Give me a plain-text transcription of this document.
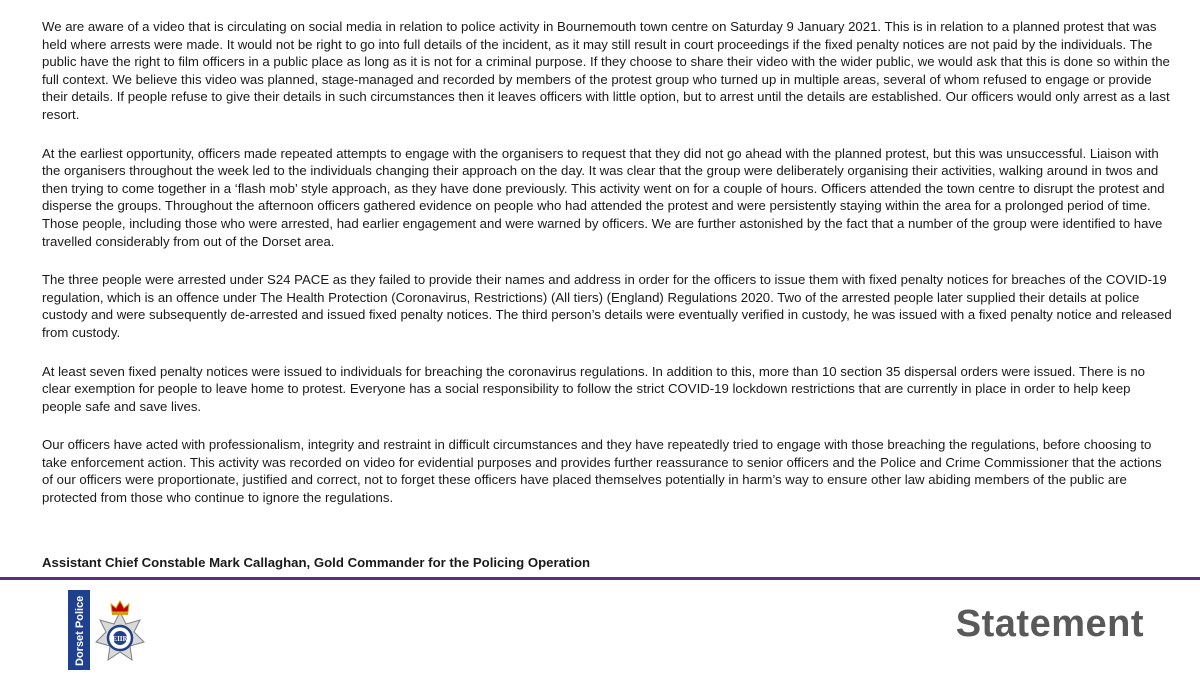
We are aware of a video that is circulating on social media in relation to police activity in Bournemouth town centre on Saturday 9 January 2021. This is in relation to a planned protest that was held where arrests were made. It would not be right to go into full details of the incident, as it may still result in court proceedings if the fixed penalty notices are not paid by the individuals. The public have the right to film officers in a public place as long as it is not for a criminal purpose. If they choose to share their video with the wider public, we would ask that this is done so within the full context. We believe this video was planned, stage-managed and recorded by members of the protest group who turned up in multiple areas, several of whom refused to engage or provide their details. If people refuse to give their details in such circumstances then it leaves officers with little option, but to arrest until the details are established. Our officers would only arrest as a last resort.

At the earliest opportunity, officers made repeated attempts to engage with the organisers to request that they did not go ahead with the planned protest, but this was unsuccessful. Liaison with the organisers throughout the week led to the individuals changing their approach on the day. It was clear that the group were deliberately organising their activities, walking around in twos and then trying to come together in a ‘flash mob’ style approach, as they have done previously. This activity went on for a couple of hours. Officers attended the town centre to disrupt the protest and disperse the groups. Throughout the afternoon officers gathered evidence on people who had attended the protest and were persistently staying within the area for a prolonged period of time. Those people, including those who were arrested, had earlier engagement and were warned by officers. We are further astonished by the fact that a number of the group were identified to have travelled considerably from out of the Dorset area.

The three people were arrested under S24 PACE as they failed to provide their names and address in order for the officers to issue them with fixed penalty notices for breaches of the COVID-19 regulation, which is an offence under The Health Protection (Coronavirus, Restrictions) (All tiers) (England) Regulations 2020. Two of the arrested people later supplied their details at police custody and were subsequently de-arrested and issued fixed penalty notices. The third person’s details were eventually verified in custody, he was issued with a fixed penalty notice and released from custody.

At least seven fixed penalty notices were issued to individuals for breaching the coronavirus regulations. In addition to this, more than 10 section 35 dispersal orders were issued. There is no clear exemption for people to leave home to protest. Everyone has a social responsibility to follow the strict COVID-19 lockdown restrictions that are currently in place in order to help keep people safe and save lives.

Our officers have acted with professionalism, integrity and restraint in difficult circumstances and they have repeatedly tried to engage with those breaching the regulations, before choosing to take enforcement action. This activity was recorded on video for evidential purposes and provides further reassurance to senior officers and the Police and Crime Commissioner that the actions of our officers were proportionate, justified and correct, not to forget these officers have placed themselves potentially in harm’s way to ensure other law abiding members of the public are protected from those who continue to ignore the regulations.

Assistant Chief Constable Mark Callaghan, Gold Commander for the Policing Operation

Dorset Police	EIIR	Statement
